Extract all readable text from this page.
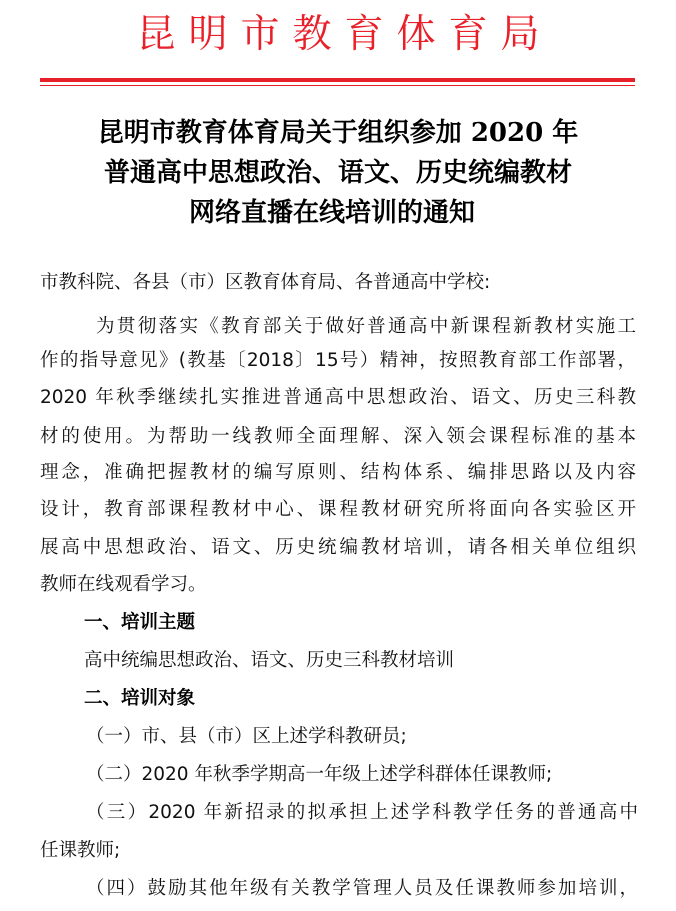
昆明市教育体育局
昆明市教育体育局关于组织参加 2020 年
普通高中思想政治、语文、历史统编教材
网络直播在线培训的通知
市教科院、各县（市）区教育体育局、各普通高中学校:
为贯彻落实《教育部关于做好普通高中新课程新教材实施工
作的指导意见》(教基〔2018〕15号）精神，按照教育部工作部署，
2020 年秋季继续扎实推进普通高中思想政治、语文、历史三科教
材的使用。为帮助一线教师全面理解、深入领会课程标准的基本
理念，准确把握教材的编写原则、结构体系、编排思路以及内容
设计，教育部课程教材中心、课程教材研究所将面向各实验区开
展高中思想政治、语文、历史统编教材培训，请各相关单位组织
教师在线观看学习。
一、培训主题
高中统编思想政治、语文、历史三科教材培训
二、培训对象
（一）市、县（市）区上述学科教研员;
（二）2020 年秋季学期高一年级上述学科群体任课教师;
（三）2020 年新招录的拟承担上述学科教学任务的普通高中
任课教师;
（四）鼓励其他年级有关教学管理人员及任课教师参加培训，
